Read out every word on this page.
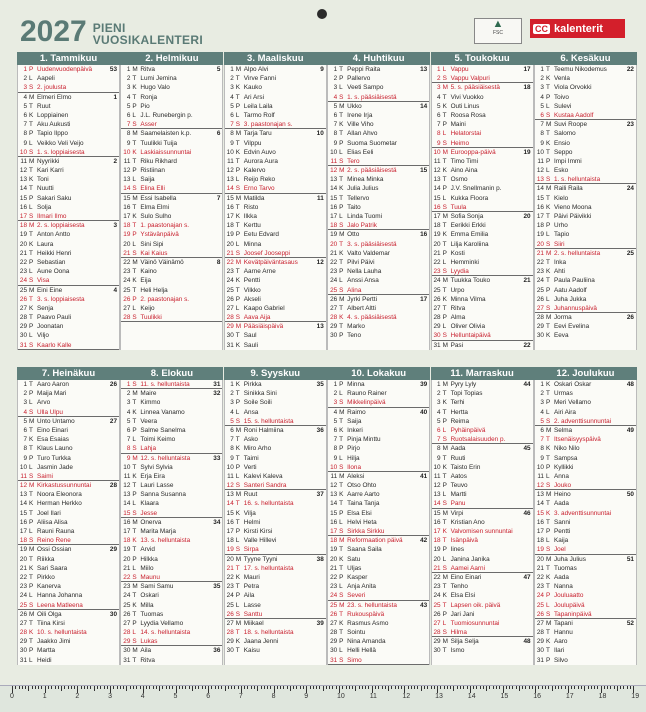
2027 PIENI
VUOSIKALENTERI
▲
FSC	CC kalenterit
1. Tammikuu
1 P Uudenvuodenpäivä	53
2 L Aapeli
3 S 2. joulusta
4 M Elmeri Elmo	1
5 T Ruut
6 K Loppiainen
7 T Aku Aukusti
8 P Tapio Ilppo
9 L Veikko Veli Veijo
10 S 1. s. loppiaisesta
11 M Nyyrikki	2
12 T Kari Karri
13 K Toni
14 T Nuutti
15 P Sakari Saku
16 L Solja
17 S Ilmari Ilmo
18 M 2. s. loppiaisesta	3
19 T Anton Antto
20 K Laura
21 T Heikki Henri
22 P Sebastian
23 L Aune Oona
24 S Visa
25 M Eini Eine	4
26 T 3. s. loppiaisesta
27 K Senja
28 T Paavo Pauli
29 P Joonatan
30 L Viljo
31 S Kaarlo Kalle
2. Helmikuu
1 M Ritva	5
2 T Lumi Jemina
3 K Hugo Valo
4 T Ronja
5 P Pio
6 L J.L. Runebergin p.
7 S Asser
8 M Saamelaisten k.p.	6
9 T Tuulikki Tuija
10 K Laskiaissunnuntai
11 T Riku Rikhard
12 P Ristiinan
13 L Saija
14 S Elina Elli
15 M Essi Isabella	7
16 T Elma Elmi
17 K Sulo Sulho
18 T 1. paastonajan s.
19 P Ystävänpäivä
20 L Sini Sipi
21 S Kai Kaius
22 M Väinö Väinämö	8
23 T Kaino
24 K Eija
25 T Heli Helja
26 P 2. paastonajan s.
27 L Keijo
28 S Tuulikki
3. Maaliskuu
1 M Alpo Alvi	9
2 T Virve Fanni
3 K Kauko
4 T Ari Arsi
5 P Leila Laila
6 L Tarmo Rolf
7 S 3. paastonajan s.
8 M Tarja Taru	10
9 T Vilppu
10 K Edvin Auvo
11 T Aurora Aura
12 P Kalervo
13 L Reijo Reko
14 S Erno Tarvo
15 M Matilda	11
16 T Risto
17 K Ilkka
18 T Kerttu
19 P Eetu Edvard
20 L Minna
21 S Joosef Jooseppi
22 M Kevätpäiväntasaus	12
23 T Aarne Arne
24 K Pentti
25 T Vilkko
26 P Akseli
27 L Kaapo Gabriel
28 S Aava Aija
29 M Pääsiäispäivä	13
30 T Saul
31 K Sauli
4. Huhtikuu
1 T Peppi Raita	13
2 P Pallervo
3 L Veeti Sampo
4 S 1. s. pääsiäisestä
5 M Ukko	14
6 T Irene Irja
7 K Ville Viho
8 T Allan Ahvo
9 P Suoma Suometar
10 L Elias Eeli
11 S Tero
12 M 2. s. pääsiäisestä	15
13 T Minea Minka
14 K Julia Julius
15 T Tellervo
16 P Taito
17 L Linda Tuomi
18 S Jalo Patrik
19 M Otto	16
20 T 3. s. pääsiäisestä
21 K Valto Valdemar
22 T Pilvi Päivi
23 P Nella Lauha
24 L Anssi Ansa
25 S Alina
26 M Jyrki Pertti	17
27 T Albert Altti
28 K 4. s. pääsiäisestä
29 T Marko
30 P Teno
5. Toukokuu
1 L Vappu	17
2 S Vappu Valpuri
3 M 5. s. pääsiäisestä	18
4 T Vivi Vuokko
5 K Outi Linus
6 T Roosa Rosa
7 P Maini
8 L Helatorstai
9 S Heimo
10 M Eurooppa-päivä	19
11 T Timo Timi
12 K Aino Aina
13 T Osmo
14 P J.V. Snellmanin p.
15 L Kukka Floora
16 S Tuula
17 M Sofia Sonja	20
18 T Eerikki Erkki
19 K Emma Emilia
20 T Lilja Karoliina
21 P Kosti
22 L Hemminki
23 S Lyydia
24 M Tuukka Touko	21
25 T Urpo
26 K Minna Vilma
27 T Ritva
28 P Alma
29 L Oliver Olivia
30 S Helluntaipäivä
31 M Pasi	22
6. Kesäkuu
1 T Teemu Nikodemus	22
2 K Venla
3 T Viola Orvokki
4 P Toivo
5 L Sulevi
6 S Kustaa Aadolf
7 M Suvi Roope	23
8 T Salomo
9 K Ensio
10 T Seppo
11 P Impi Immi
12 L Esko
13 S 1. s. helluntaista
14 M Raili Raila	24
15 T Kielo
16 K Vieno Moona
17 T Päivi Päivikki
18 P Urho
19 L Tapio
20 S Siiri
21 M 2. s. helluntaista	25
22 T Inka
23 K Ahti
24 T Paula Pauliina
25 P Aatu Aadolf
26 L Juha Jukka
27 S Juhannuspäivä
28 M Jorma	26
29 T Eevi Evelina
30 K Eeva
7. Heinäkuu
1 T Aaro Aaron	26
2 P Maija Mari
3 L Arvo
4 S Ulla Ulpu
5 M Unto Untamo	27
6 T Eino Einari
7 K Esa Esaias
8 T Klaus Launo
9 P Turo Turkka
10 L Jasmin Jade
11 S Saimi
12 M Kirkastussunnuntai	28
13 T Noora Eleonora
14 K Herman Herkko
15 T Joel Ilari
16 P Aliisa Alisa
17 L Rauni Rauna
18 S Reino Rene
19 M Ossi Ossian	29
20 T Riikka
21 K Sari Saara
22 T Pirkko
23 P Kanerva
24 L Hanna Johanna
25 S Leena Matleena
26 M Oili Olga	30
27 T Tiina Kirsi
28 K 10. s. helluntaista
29 T Jaakko Jimi
30 P Martta
31 L Heidi
8. Elokuu
1 S 11. s. helluntaista	31
2 M Maire	32
3 T Kimmo
4 K Linnea Vanamo
5 T Veera
6 P Salme Sanelma
7 L Toimi Keimo
8 S Lahja
9 M 12. s. helluntaista	33
10 T Sylvi Sylvia
11 K Erja Eira
12 T Lauri Lasse
13 P Sanna Susanna
14 L Klaara
15 S Jesse
16 M Onerva	34
17 T Marita Marja
18 K 13. s. helluntaista
19 T Arvid
20 P Hilkka
21 L Miilo
22 S Maunu
23 M Sami Samu	35
24 T Oskari
25 K Milla
26 T Tuomas
27 P Lyydia Vellamo
28 L 14. s. helluntaista
29 S Lukas
30 M Aila	36
31 T Ritva
9. Syyskuu
1 K Pirkka	35
2 T Sinikka Sini
3 P Soile Soili
4 L Ansa
5 S 15. s. helluntaista
6 M Roni Halmiina	36
7 T Asko
8 K Miro Arho
9 T Taimi
10 P Verti
11 L Kalevi Kaleva
12 S Santeri Sandra
13 M Ruut	37
14 T 16. s. helluntaista
15 K Vilja
16 T Helmi
17 P Kirsti Kirsi
18 L Valle Hillevi
19 S Sirpa
20 M Tyyne Tyyni	38
21 T 17. s. helluntaista
22 K Mauri
23 T Petra
24 P Aila
25 L Lasse
26 S Santtu
27 M Miikael	39
28 T 18. s. helluntaista
29 K Jaana Jenni
30 T Kaisu
10. Lokakuu
1 P Minna	39
2 L Rauno Rainer
3 S Mikkelinpäivä
4 M Raimo	40
5 T Saija
6 K Inkeri
7 T Pinja Minttu
8 P Pirjo
9 L Hilja
10 S Ilona
11 M Aleksi	41
12 T Otso Ohto
13 K Aarre Aarto
14 T Taina Tanja
15 P Elsa Elsi
16 L Helvi Heta
17 S Sirkka Sirkku
18 M Reformaation päivä	42
19 T Saana Saila
20 K Satu
21 T Uljas
22 P Kasper
23 L Anja Anita
24 S Severi
25 M 23. s. helluntaista	43
26 T Rukouspäivä
27 K Rasmus Asmo
28 T Sointu
29 P Nina Amanda
30 L Helli Hellä
31 S Simo
11. Marraskuu
1 M Pyry Lyly	44
2 T Topi Topias
3 K Terhi
4 T Hertta
5 P Reima
6 L Pyhäinpäivä
7 S Ruotsalaisuuden p.
8 M Aada	45
9 T Ruuti
10 K Taisto Erin
11 T Aatos
12 P Teuvo
13 L Martti
14 S Panu
15 M Virpi	46
16 T Kristian Ano
17 K Valvomisen sunnuntai
18 T Isänpäivä
19 P Iines
20 L Janina Janika
21 S Aamei Aarni
22 M Eino Einari	47
23 T Tenho
24 K Elsa Elsi
25 T Lapsen oik. päivä
26 P Jari Jani
27 L Tuomiosunnuntai
28 S Hilma
29 M Silja Selja	48
30 T Ismo
12. Joulukuu
1 K Oskari Oskar	48
2 T Urmas
3 P Meri Vellamo
4 L Airi Aira
5 S 2. adventtisunnuntai
6 M Selma	49
7 T Itsenäisyyspäivä
8 K Niko Nilo
9 T Sampsa
10 P Kyllikki
11 L Anna
12 S Jouko
13 M Heino	50
14 T Aada
15 K 3. adventtisunnuntai
16 T Sanni
17 P Pentti
18 L Kaija
19 S Joel
20 M Juha Julius	51
21 T Tuomas
22 K Aada
23 T Nanna
24 P Jouluaatto
25 L Joulupäivä
26 S Tapaninpäivä
27 M Tapani	52
28 T Hannu
29 K Aaro
30 T Ilari
31 P Silvo
0	1	2	3	4	5	6	7	8	9	10	11	12	13	14	15	16	17	18	19
